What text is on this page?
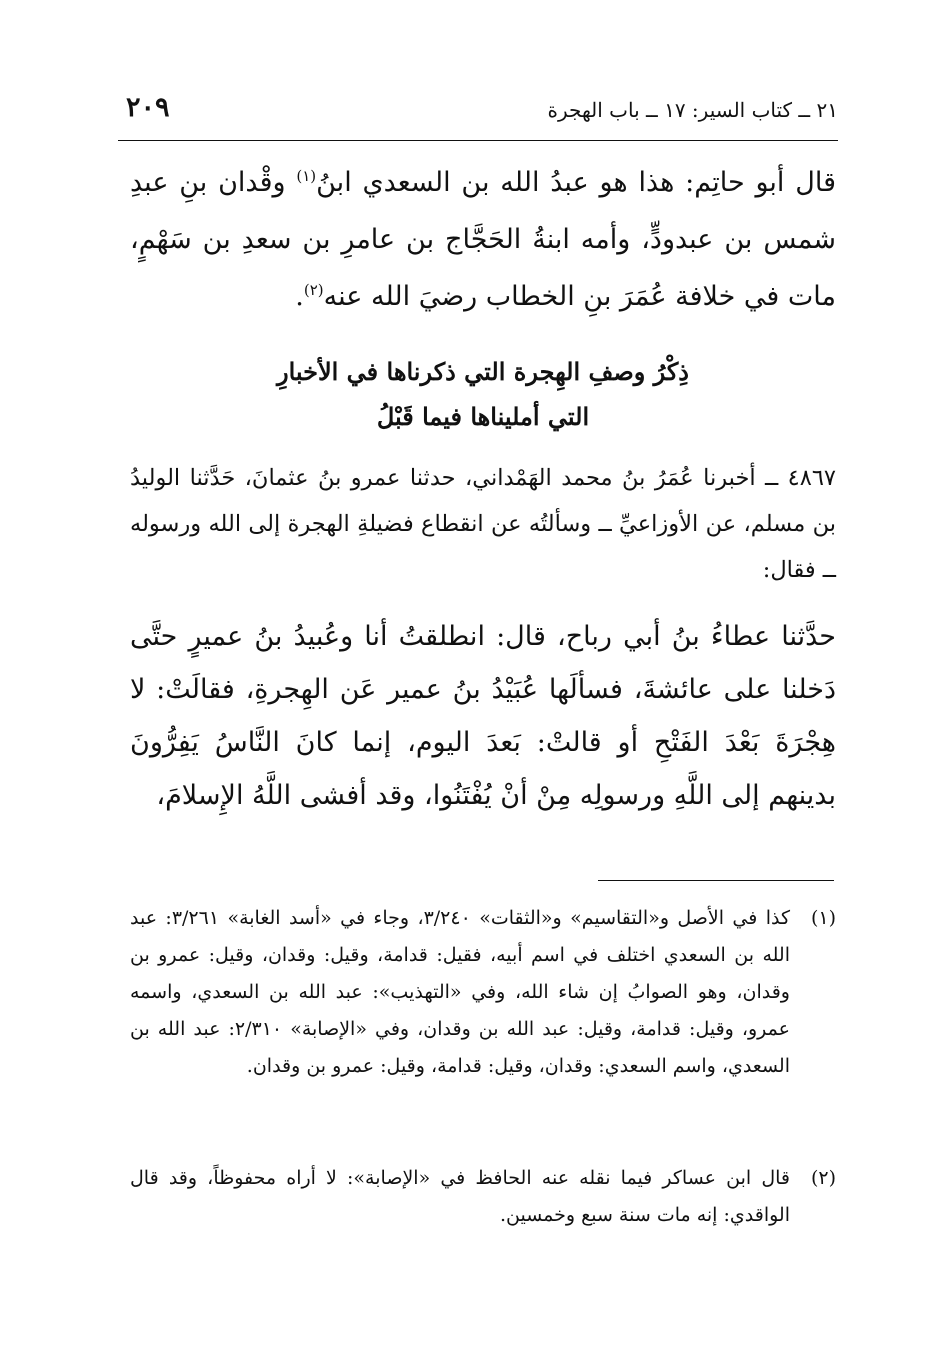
٢١ ــ كتاب السير: ١٧ ــ باب الهجرة
٢٠٩

قال أبو حاتِم: هذا هو عبدُ الله بن السعدي ابنُ$^{(١)}$ وقْدان بنِ عبدِ شمس بن عبدودٍّ، وأمه ابنةُ الحَجَّاج بن عامرِ بن سعدِ بن سَهْمٍ، مات في خلافة عُمَرَ بنِ الخطاب رضيَ الله عنه$^{(٢)}$.

ذِكْرُ وصفِ الهِجرة التي ذكرناها في الأخبارِ

التي أمليناها فيما قَبْلُ

٤٨٦٧ ــ أخبرنا عُمَرُ بنُ محمد الهَمْداني، حدثنا عمرو بنُ عثمانَ، حَدَّثنا الوليدُ بن مسلم، عن الأوزاعيِّ ــ وسألتُه عن انقطاع فضيلةِ الهجرة إلى الله ورسوله ــ فقال:

حدَّثنا عطاءُ بنُ أبي رباح، قال: انطلقتُ أنا وعُبيدُ بنُ عميرٍ حتَّى دَخلنا على عائشةَ، فسألَها عُبَيْدُ بنُ عمير عَن الهِجرةِ، فقالَتْ: لا هِجْرَةَ بَعْدَ الفَتْحِ أو قالتْ: بَعدَ اليوم، إنما كانَ النَّاسُ يَفِرُّونَ بدينهم إلى اللَّهِ ورسولِه مِنْ أنْ يُفْتَنُوا، وقد أفشى اللَّهُ الإِسلامَ،

(١)
كذا في الأصل و«التقاسيم» و«الثقات» ٣/٢٤٠، وجاء في «أسد الغابة» ٣/٢٦١: عبد الله بن السعدي اختلف في اسم أبيه، فقيل: قدامة، وقيل: وقدان، وقيل: عمرو بن وقدان، وهو الصوابُ إن شاء الله، وفي «التهذيب»: عبد الله بن السعدي، واسمه عمرو، وقيل: قدامة، وقيل: عبد الله بن وقدان، وفي «الإصابة» ٢/٣١٠: عبد الله بن السعدي، واسم السعدي: وقدان، وقيل: قدامة، وقيل: عمرو بن وقدان.
(٢)
قال ابن عساكر فيما نقله عنه الحافظ في «الإصابة»: لا أراه محفوظاً، وقد قال الواقدي: إنه مات سنة سبع وخمسين.
